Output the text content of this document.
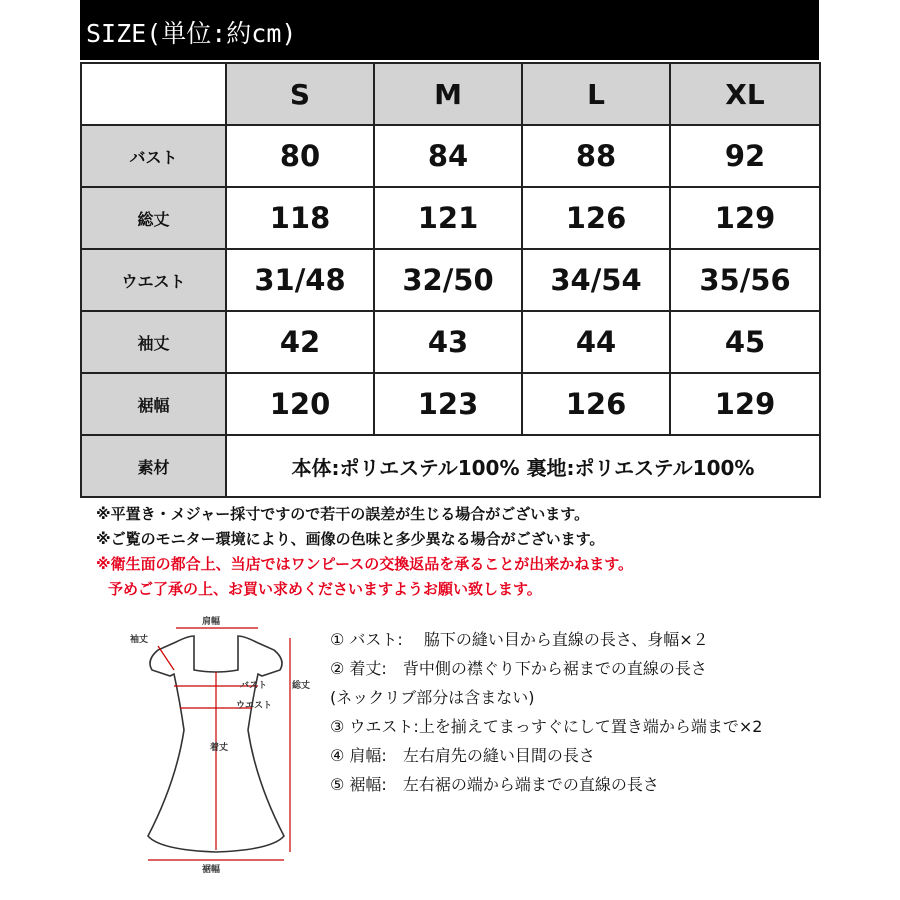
SIZE(単位:約cm)
	S	M	L	XL
バスト	80	84	88	92
総丈	118	121	126	129
ウエスト	31/48	32/50	34/54	35/56
袖丈	42	43	44	45
裾幅	120	123	126	129
素材	本体:ポリエステル100% 裏地:ポリエステル100%			
※平置き・メジャー採寸ですので若干の誤差が生じる場合がございます。
※ご覧のモニター環境により、画像の色味と多少異なる場合がございます。
※衛生面の都合上、当店ではワンピースの交換返品を承ることが出来かねます。
予めご了承の上、お買い求めくださいますようお願い致します。
肩幅
袖丈
バスト
ウエスト
総丈
着丈
裾幅
① バスト:　 脇下の縫い目から直線の長さ、身幅×２
② 着丈:　背中側の襟ぐり下から裾までの直線の長さ
(ネックリブ部分は含まない)
③ ウエスト:上を揃えてまっすぐにして置き端から端まで×2
④ 肩幅:　左右肩先の縫い目間の長さ
⑤ 裾幅:　左右裾の端から端までの直線の長さ
